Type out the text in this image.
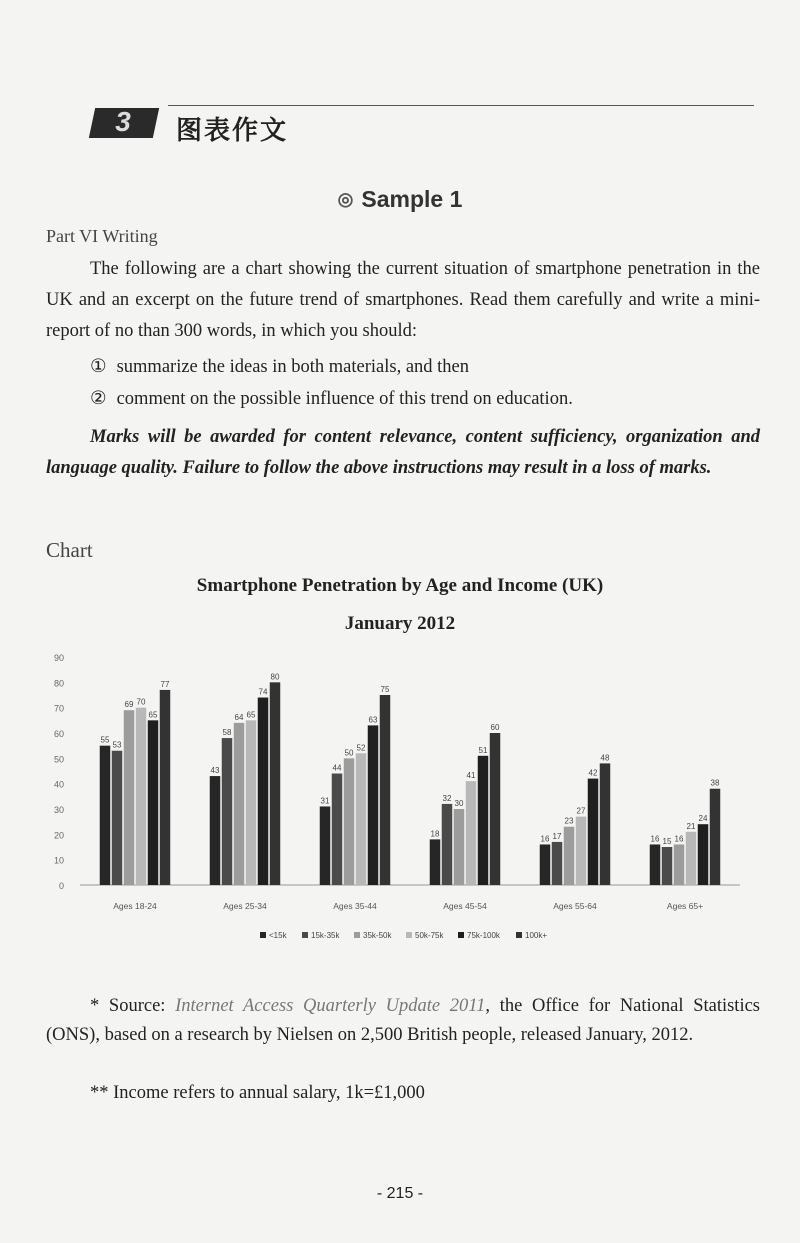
3 图表作文
◎ Sample 1
Part VI Writing
The following are a chart showing the current situation of smartphone penetration in the UK and an excerpt on the future trend of smartphones. Read them carefully and write a mini-report of no than 300 words, in which you should:
① summarize the ideas in both materials, and then
② comment on the possible influence of this trend on education.
Marks will be awarded for content relevance, content sufficiency, organization and language quality. Failure to follow the above instructions may result in a loss of marks.
Chart
Smartphone Penetration by Age and Income (UK)
January 2012
0
10
20
30
40
50
60
70
80
90
55
53
69 70
65
77
Ages 18-24
43
58
64 65
74
80
Ages 25-34
31
44
50
52
63
75
Ages 35-44
18
32
30
41
51
60
Ages 45-54
16 17
23
27
42
48
Ages 55-64
16 15 16
21
24
38
Ages 65+
<15k	15k-35k	35k-50k	50k-75k	75k-100k	100k+
* Source: Internet Access Quarterly Update 2011, the Office for National Statistics (ONS), based on a research by Nielsen on 2,500 British people, released January, 2012.
** Income refers to annual salary, 1k=£1,000
- 215 -
